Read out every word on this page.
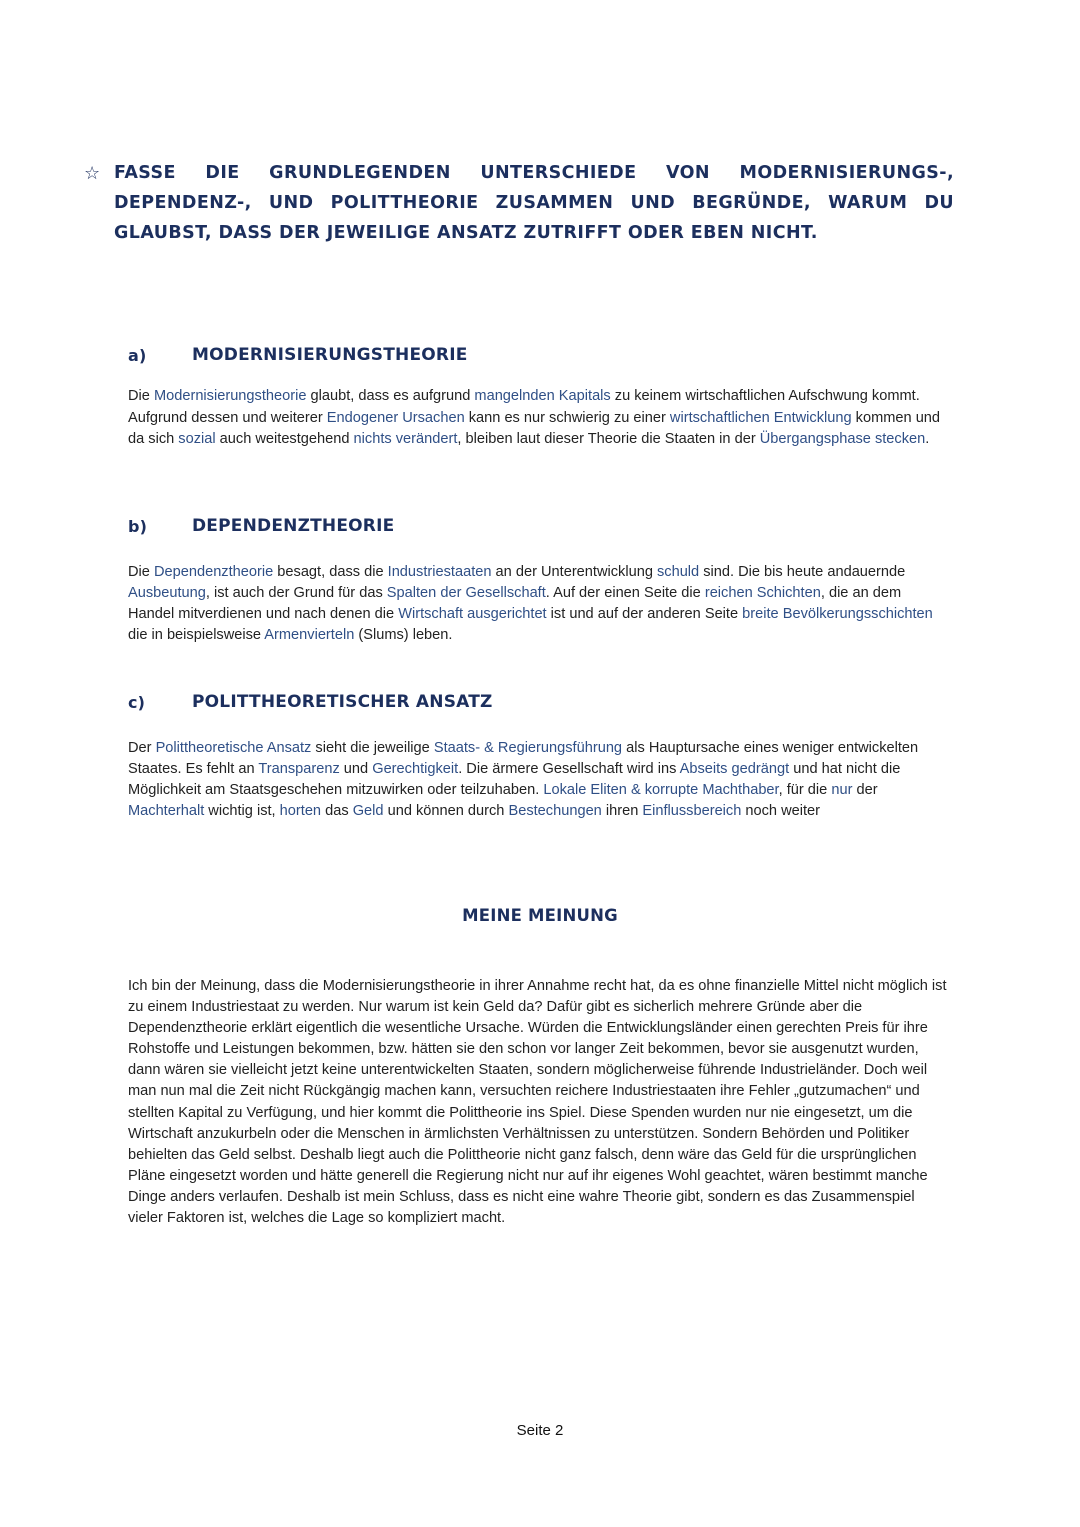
☆ FASSE DIE GRUNDLEGENDEN UNTERSCHIEDE VON MODERNISIERUNGS-, DEPENDENZ-, UND POLITTHEORIE ZUSAMMEN UND BEGRÜNDE, WARUM DU GLAUBST, DASS DER JEWEILIGE ANSATZ ZUTRIFFT ODER EBEN NICHT.
a)	MODERNISIERUNGSTHEORIE

Die Modernisierungstheorie glaubt, dass es aufgrund mangelnden Kapitals zu keinem wirtschaftlichen Aufschwung kommt. Aufgrund dessen und weiterer Endogener Ursachen kann es nur schwierig zu einer wirtschaftlichen Entwicklung kommen und da sich sozial auch weitestgehend nichts verändert, bleiben laut dieser Theorie die Staaten in der Übergangsphase stecken.

b)	DEPENDENZTHEORIE

Die Dependenztheorie besagt, dass die Industriestaaten an der Unterentwicklung schuld sind. Die bis heute andauernde Ausbeutung, ist auch der Grund für das Spalten der Gesellschaft. Auf der einen Seite die reichen Schichten, die an dem Handel mitverdienen und nach denen die Wirtschaft ausgerichtet ist und auf der anderen Seite breite Bevölkerungsschichten die in beispielsweise Armenvierteln (Slums) leben.

c)	POLITTHEORETISCHER ANSATZ

Der Polittheoretische Ansatz sieht die jeweilige Staats- & Regierungsführung als Hauptursache eines weniger entwickelten Staates. Es fehlt an Transparenz und Gerechtigkeit. Die ärmere Gesellschaft wird ins Abseits gedrängt und hat nicht die Möglichkeit am Staatsgeschehen mitzuwirken oder teilzuhaben. Lokale Eliten & korrupte Machthaber, für die nur der Machterhalt wichtig ist, horten das Geld und können durch Bestechungen ihren Einflussbereich noch weiter

MEINE MEINUNG

Ich bin der Meinung, dass die Modernisierungstheorie in ihrer Annahme recht hat, da es ohne finanzielle Mittel nicht möglich ist zu einem Industriestaat zu werden. Nur warum ist kein Geld da? Dafür gibt es sicherlich mehrere Gründe aber die Dependenztheorie erklärt eigentlich die wesentliche Ursache. Würden die Entwicklungsländer einen gerechten Preis für ihre Rohstoffe und Leistungen bekommen, bzw. hätten sie den schon vor langer Zeit bekommen, bevor sie ausgenutzt wurden, dann wären sie vielleicht jetzt keine unterentwickelten Staaten, sondern möglicherweise führende Industrieländer. Doch weil man nun mal die Zeit nicht Rückgängig machen kann, versuchten reichere Industriestaaten ihre Fehler „gutzumachen“ und stellten Kapital zu Verfügung, und hier kommt die Polittheorie ins Spiel. Diese Spenden wurden nur nie eingesetzt, um die Wirtschaft anzukurbeln oder die Menschen in ärmlichsten Verhältnissen zu unterstützen. Sondern Behörden und Politiker behielten das Geld selbst. Deshalb liegt auch die Polittheorie nicht ganz falsch, denn wäre das Geld für die ursprünglichen Pläne eingesetzt worden und hätte generell die Regierung nicht nur auf ihr eigenes Wohl geachtet, wären bestimmt manche Dinge anders verlaufen. Deshalb ist mein Schluss, dass es nicht eine wahre Theorie gibt, sondern es das Zusammenspiel vieler Faktoren ist, welches die Lage so kompliziert macht.

Seite 2
